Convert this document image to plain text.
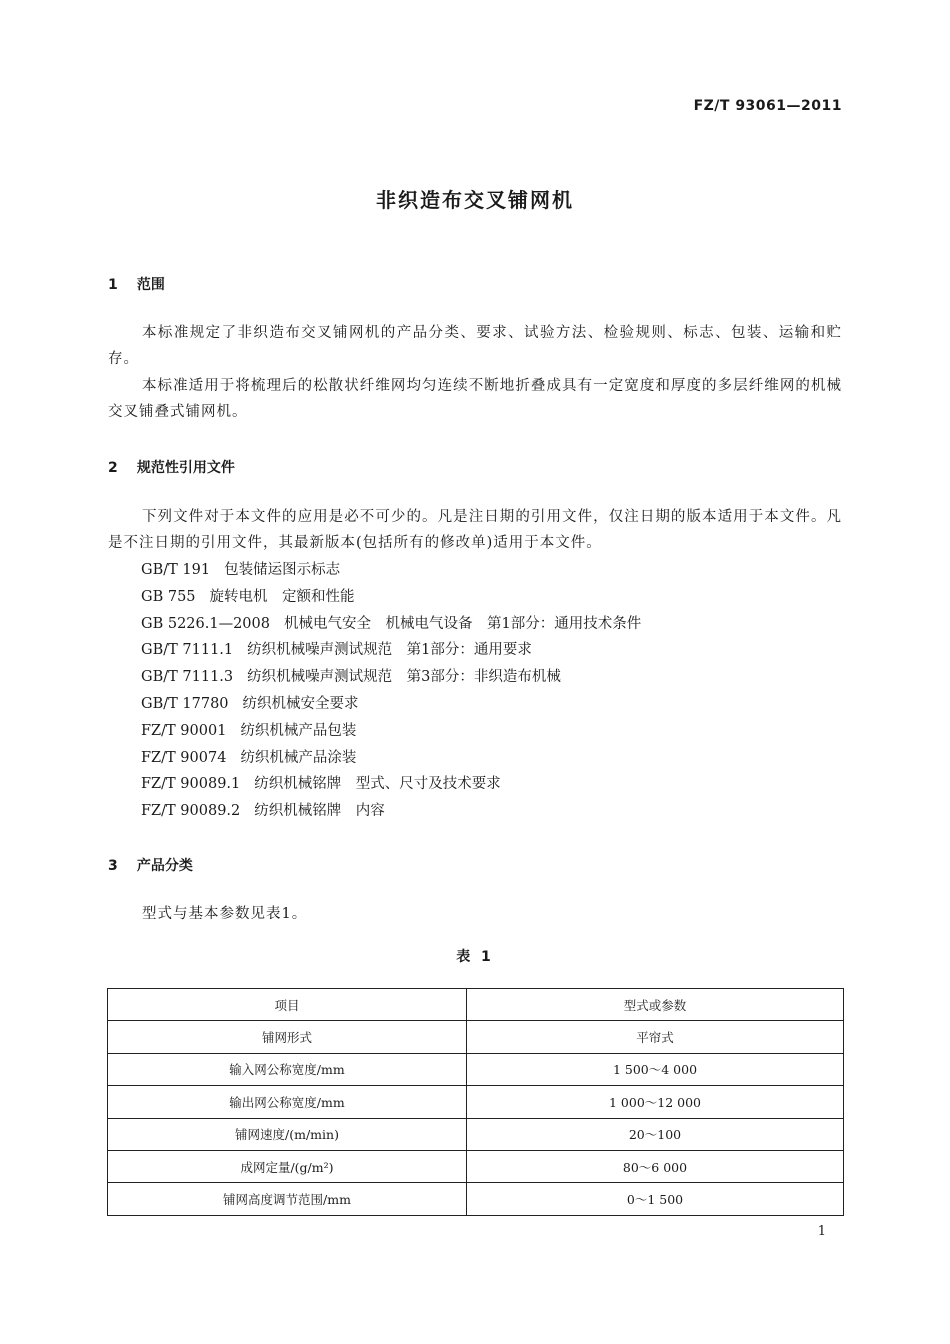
FZ/T 93061—2011
非织造布交叉铺网机
1 范围
本标准规定了非织造布交叉铺网机的产品分类、要求、试验方法、检验规则、标志、包装、运输和贮存。
本标准适用于将梳理后的松散状纤维网均匀连续不断地折叠成具有一定宽度和厚度的多层纤维网的机械交叉铺叠式铺网机。
2 规范性引用文件
下列文件对于本文件的应用是必不可少的。凡是注日期的引用文件，仅注日期的版本适用于本文件。凡是不注日期的引用文件，其最新版本(包括所有的修改单)适用于本文件。
GB/T 191 包装储运图示标志
GB 755 旋转电机　定额和性能
GB 5226.1—2008 机械电气安全　机械电气设备　第1部分：通用技术条件
GB/T 7111.1 纺织机械噪声测试规范　第1部分：通用要求
GB/T 7111.3 纺织机械噪声测试规范　第3部分：非织造布机械
GB/T 17780 纺织机械安全要求
FZ/T 90001 纺织机械产品包装
FZ/T 90074 纺织机械产品涂装
FZ/T 90089.1 纺织机械铭牌　型式、尺寸及技术要求
FZ/T 90089.2 纺织机械铭牌　内容
3 产品分类
型式与基本参数见表1。
表 1
项目	型式或参数
铺网形式	平帘式
输入网公称宽度/mm	1 500～4 000
输出网公称宽度/mm	1 000～12 000
铺网速度/(m/min)	20～100
成网定量/(g/m²)	80～6 000
铺网高度调节范围/mm	0～1 500
1
